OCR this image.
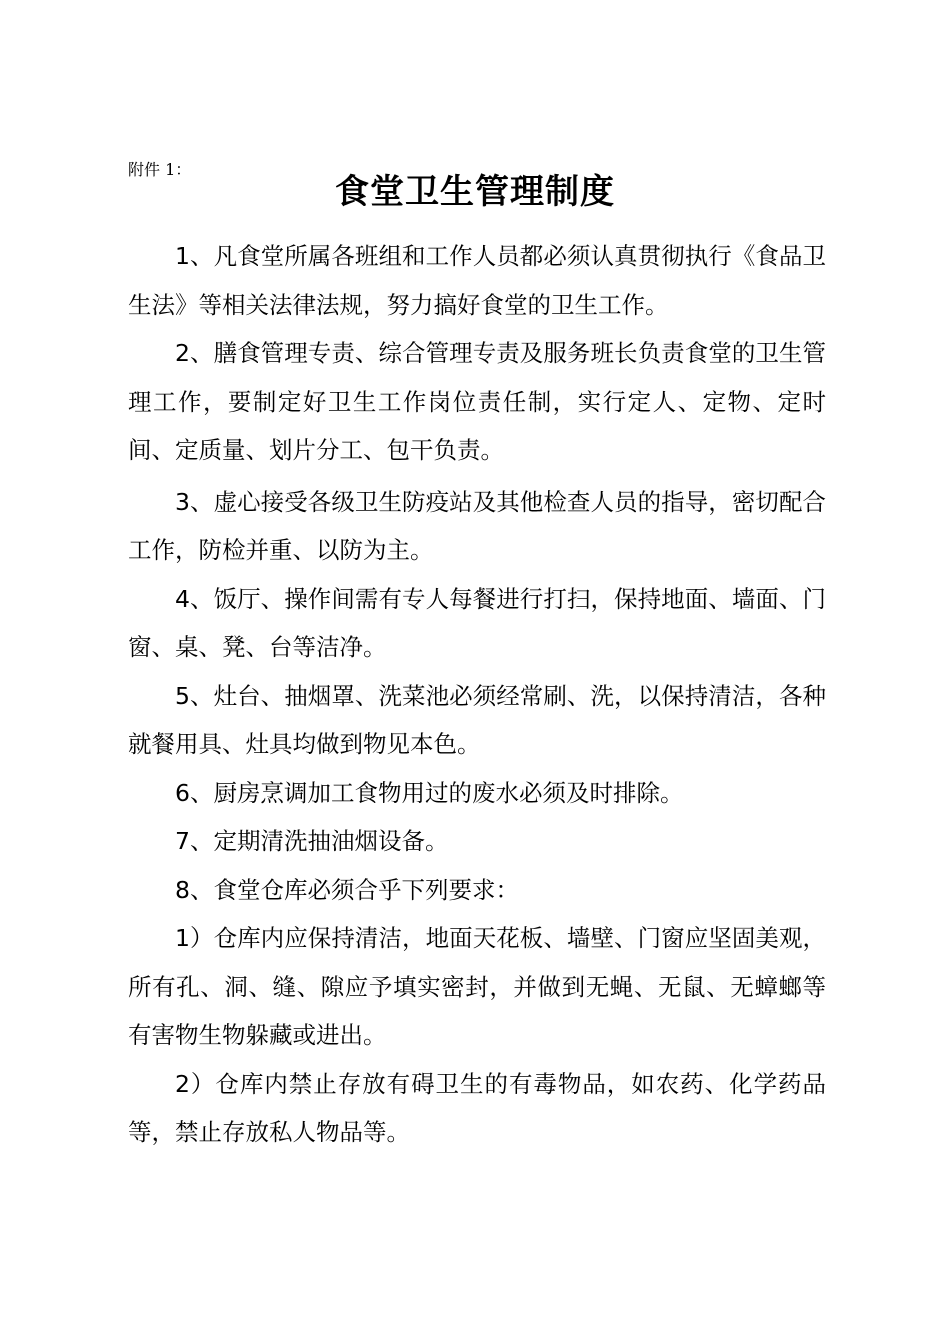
附件 1：
食堂卫生管理制度

1、凡食堂所属各班组和工作人员都必须认真贯彻执行《食品卫生法》等相关法律法规，努力搞好食堂的卫生工作。

2、膳食管理专责、综合管理专责及服务班长负责食堂的卫生管理工作，要制定好卫生工作岗位责任制，实行定人、定物、定时间、定质量、划片分工、包干负责。

3、虚心接受各级卫生防疫站及其他检查人员的指导，密切配合工作，防检并重、以防为主。

4、饭厅、操作间需有专人每餐进行打扫，保持地面、墙面、门窗、桌、凳、台等洁净。

5、灶台、抽烟罩、洗菜池必须经常刷、洗，以保持清洁，各种就餐用具、灶具均做到物见本色。

6、厨房烹调加工食物用过的废水必须及时排除。

7、定期清洗抽油烟设备。

8、食堂仓库必须合乎下列要求：

1）仓库内应保持清洁，地面天花板、墙壁、门窗应坚固美观，所有孔、洞、缝、隙应予填实密封，并做到无蝇、无鼠、无蟑螂等有害物生物躲藏或进出。

2）仓库内禁止存放有碍卫生的有毒物品，如农药、化学药品等，禁止存放私人物品等。
